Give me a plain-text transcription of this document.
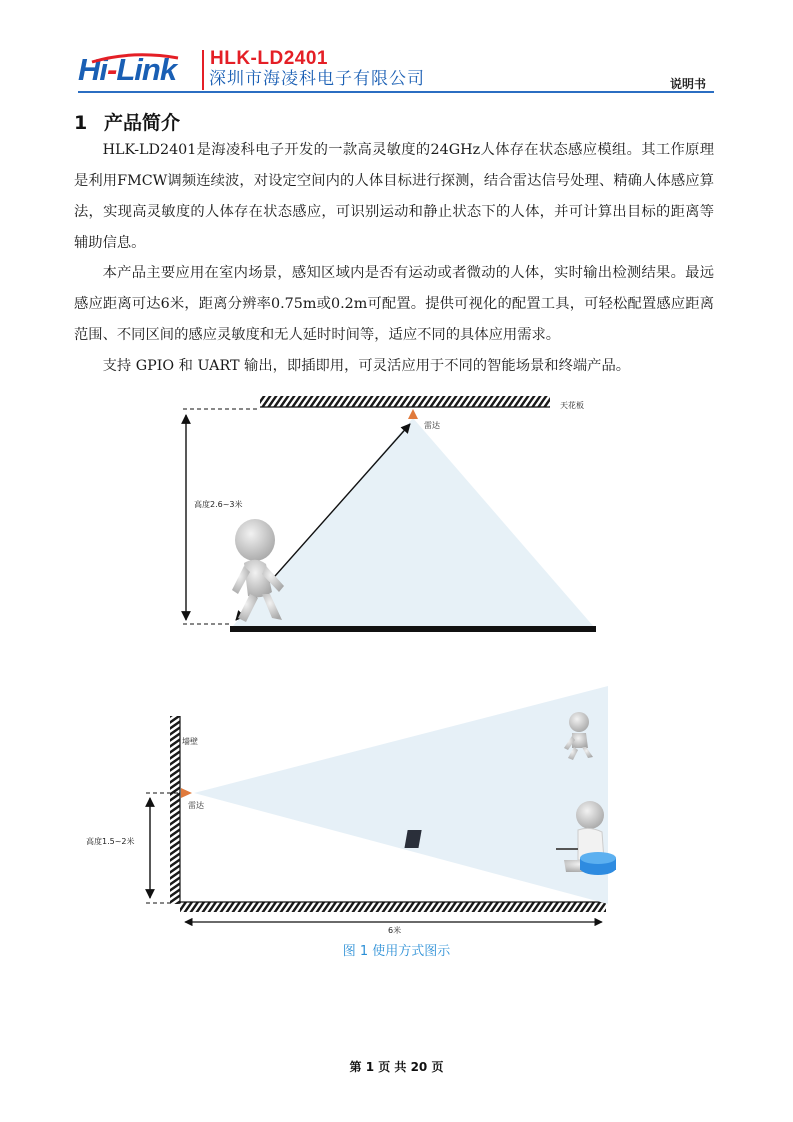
Hi-Link	HLK-LD2401
深圳市海凌科电子有限公司	说明书
1 产品简介

HLK-LD2401是海凌科电子开发的一款高灵敏度的24GHz人体存在状态感应模组。其工作原理是利用FMCW调频连续波，对设定空间内的人体目标进行探测，结合雷达信号处理、精确人体感应算法，实现高灵敏度的人体存在状态感应，可识别运动和静止状态下的人体，并可计算出目标的距离等辅助信息。

本产品主要应用在室内场景，感知区域内是否有运动或者微动的人体，实时输出检测结果。最远感应距离可达6米，距离分辨率0.75m或0.2m可配置。提供可视化的配置工具，可轻松配置感应距离范围、不同区间的感应灵敏度和无人延时时间等，适应不同的具体应用需求。

支持 GPIO 和 UART 输出，即插即用，可灵活应用于不同的智能场景和终端产品。

天花板
雷达
高度2.6~3米
墙壁
雷达
高度1.5~2米
6米
图 1 使用方式图示
第 1 页 共 20 页
